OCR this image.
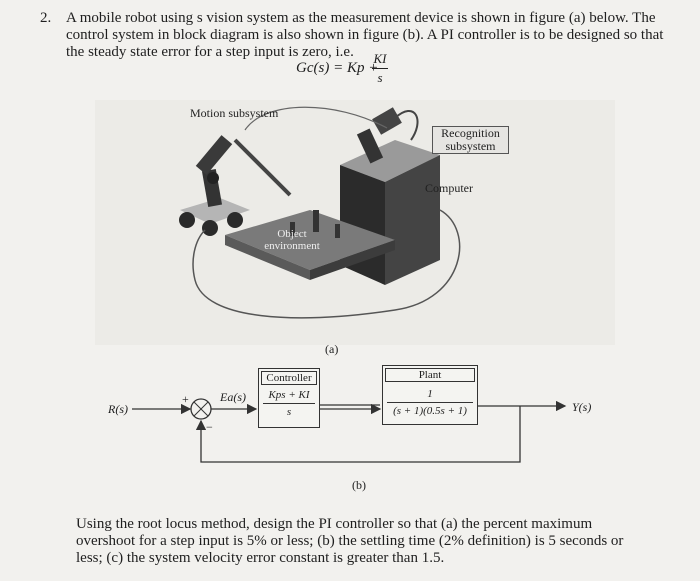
2. A mobile robot using s vision system as the measurement device is shown in figure (a) below. The control system in block diagram is also shown in figure (b). A PI controller is to be designed so that the steady state error for a step input is zero, i.e.
Gc(s) = Kp +
$\frac{KI}{s}$
Motion subsystem
Recognition subsystem
Computer
Object environment
(a)
R(s)
+
−
Ea(s)
Controller
Kps + KI
s
Plant
1
(s + 1)(0.5s + 1)	Y(s)
(b)
Using the root locus method, design the PI controller so that (a) the percent maximum overshoot for a step input is 5% or less; (b) the settling time (2% definition) is 5 seconds or less; (c) the system velocity error constant is greater than 1.5.
